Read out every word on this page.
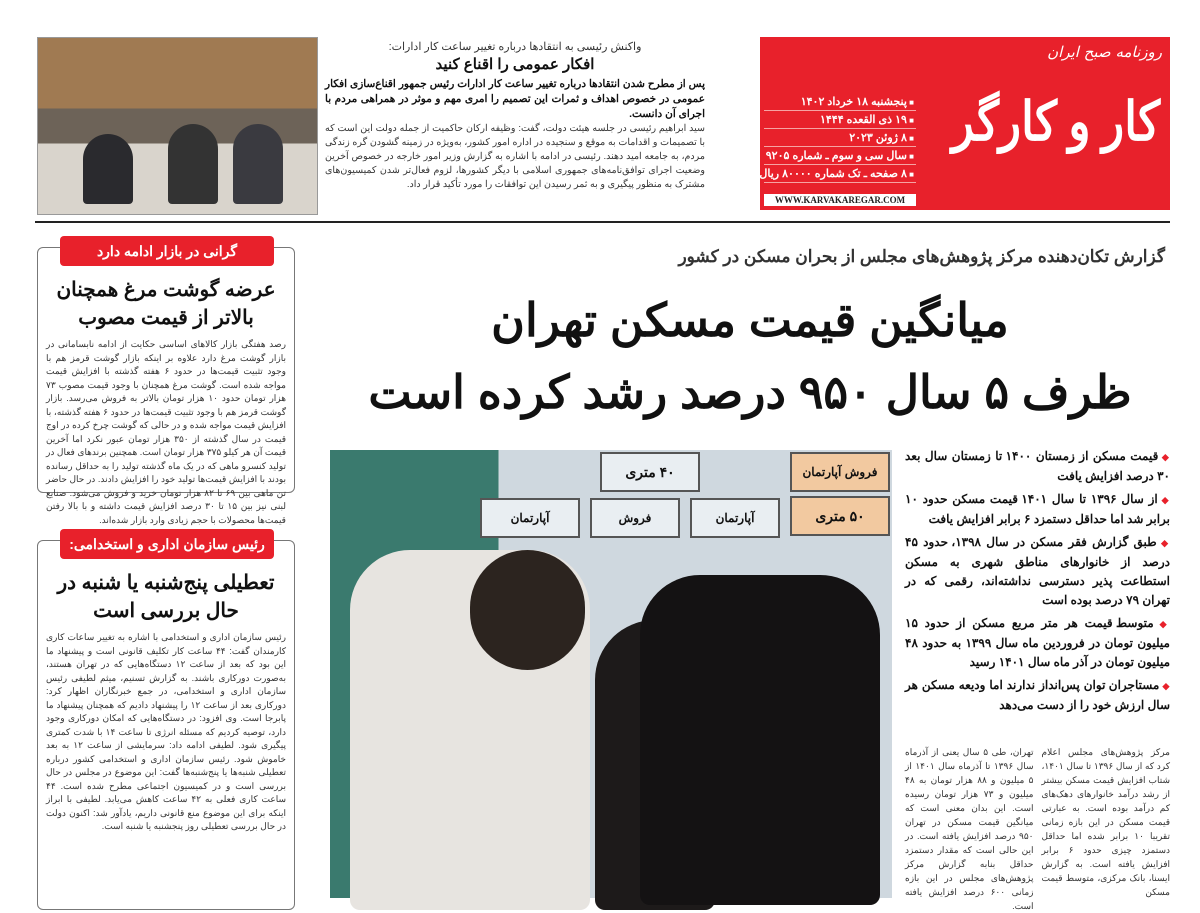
روزنامه صبح ایران
کار و کارگر
■ پنجشنبه ۱۸ خرداد ۱۴۰۲
■ ۱۹ ذی القعده ۱۴۴۴
■ ۸ ژوئن ۲۰۲۳
■ سال سی و سوم ـ شماره ۹۲۰۵
■ ۸ صفحه ـ تک شماره ۸۰۰۰۰ ریال
WWW.KARVAKAREGAR.COM
واکنش رئیسی به انتقادها درباره تغییر ساعت کار ادارات:
افکار عمومی را اقناع کنید
پس از مطرح شدن انتقادها درباره تغییر ساعت کار ادارات رئیس جمهور اقناع‌سازی افکار عمومی در خصوص اهداف و ثمرات این تصمیم را امری مهم و موثر در همراهی مردم با اجرای آن دانست.
سید ابراهیم رئیسی در جلسه هیئت دولت، گفت: وظیفه ارکان حاکمیت از جمله دولت این است که با تصمیمات و اقدامات به موقع و سنجیده در اداره امور کشور، به‌ویژه در زمینه گشودن گره زندگی مردم، به جامعه امید دهند. رئیسی در ادامه با اشاره به گزارش وزیر امور خارجه در خصوص آخرین وضعیت اجرای توافق‌نامه‌های جمهوری اسلامی با دیگر کشورها، لزوم فعال‌تر شدن کمیسیون‌های مشترک به منظور پیگیری و به ثمر رسیدن این توافقات را مورد تأکید قرار داد.
گرانی در بازار ادامه دارد
عرضه گوشت مرغ همچنان بالاتر از قیمت مصوب

رصد هفتگی بازار کالاهای اساسی حکایت از ادامه نابسامانی در بازار گوشت مرغ دارد علاوه بر اینکه بازار گوشت قرمز هم با وجود تثبیت قیمت‌ها در حدود ۶ هفته گذشته با افزایش قیمت مواجه شده است. گوشت مرغ همچنان با وجود قیمت مصوب ۷۳ هزار تومان حدود ۱۰ هزار تومان بالاتر به فروش می‌رسد. بازار گوشت قرمز هم با وجود تثبیت قیمت‌ها در حدود ۶ هفته گذشته، با افزایش قیمت مواجه شده و در حالی که گوشت چرخ کرده در اوج قیمت در سال گذشته از ۳۵۰ هزار تومان عبور نکرد اما آخرین قیمت آن هر کیلو ۳۷۵ هزار تومان است. همچنین برندهای فعال در تولید کنسرو ماهی که در یک ماه گذشته تولید را به حداقل رسانده بودند با افزایش قیمت‌ها تولید خود را افزایش دادند. در حال حاضر تن ماهی بین ۶۹ تا ۸۲ هزار تومان خرید و فروش می‌شود. صنایع لبنی نیز بین ۱۵ تا ۳۰ درصد افزایش قیمت داشته و با بالا رفتن قیمت‌ها محصولات با حجم زیادی وارد بازار شده‌اند.

رئیس سازمان اداری و استخدامی:
تعطیلی پنج‌شنبه یا شنبه در حال بررسی است

رئیس سازمان اداری و استخدامی با اشاره به تغییر ساعات کاری کارمندان گفت: ۴۴ ساعت کار تکلیف قانونی است و پیشنهاد ما این بود که بعد از ساعت ۱۲ دستگاه‌هایی که در تهران هستند، به‌صورت دورکاری باشند. به گزارش تسنیم، میثم لطیفی رئیس سازمان اداری و استخدامی، در جمع خبرنگاران اظهار کرد: دورکاری بعد از ساعت ۱۲ را پیشنهاد دادیم که همچنان پیشنهاد ما پابرجا است. وی افزود: در دستگاه‌هایی که امکان دورکاری وجود دارد، توصیه کردیم که مسئله انرژی تا ساعت ۱۴ با شدت کمتری پیگیری شود. لطیفی ادامه داد: سرمایشی از ساعت ۱۲ به بعد خاموش شود. رئیس سازمان اداری و استخدامی کشور درباره تعطیلی شنبه‌ها یا پنج‌شنبه‌ها گفت: این موضوع در مجلس در حال بررسی است و در کمیسیون اجتماعی مطرح شده است. ۴۴ ساعت کاری فعلی به ۴۲ ساعت کاهش می‌یابد. لطیفی با ابراز اینکه برای این موضوع منع قانونی داریم، یادآور شد: اکنون دولت در حال بررسی تعطیلی روز پنجشنبه یا شنبه است.

گزارش تکان‌دهنده مرکز پژوهش‌های مجلس از بحران مسکن در کشور
میانگین قیمت مسکن تهران
ظرف ۵ سال ۹۵۰ درصد رشد کرده است
۴۰ متری	فروش آپارتمان
۵۰ متری
آپارتمان	فروش	آپارتمان
◆ قیمت مسکن از زمستان ۱۴۰۰ تا زمستان سال بعد ۳۰ درصد افزایش یافت
◆ از سال ۱۳۹۶ تا سال ۱۴۰۱ قیمت مسکن حدود ۱۰ برابر شد اما حداقل دستمزد ۶ برابر افزایش یافت
◆ طبق گزارش فقر مسکن در سال ۱۳۹۸، حدود ۴۵ درصد از خانوارهای مناطق شهری به مسکن استطاعت پذیر دسترسی نداشته‌اند، رقمی که در تهران ۷۹ درصد بوده است
◆ متوسط قیمت هر متر مربع مسکن از حدود ۱۵ میلیون تومان در فروردین ماه سال ۱۳۹۹ به حدود ۴۸ میلیون تومان در آذر ماه سال ۱۴۰۱ رسید
◆ مستاجران توان پس‌انداز ندارند اما ودیعه مسکن هر سال ارزش خود را از دست می‌دهد

مرکز پژوهش‌های مجلس اعلام کرد که از سال ۱۳۹۶ تا سال ۱۴۰۱، شتاب افزایش قیمت مسکن بیشتر از رشد درآمد خانوارهای دهک‌های کم درآمد بوده است. به عبارتی قیمت مسکن در این بازه زمانی تقریبا ۱۰ برابر شده اما حداقل دستمزد چیزی حدود ۶ برابر افزایش یافته است. به گزارش ایسنا، بانک مرکزی، متوسط قیمت مسکن

تهران، طی ۵ سال یعنی از آذرماه سال ۱۳۹۶ تا آذرماه سال ۱۴۰۱ از ۵ میلیون و ۸۸ هزار تومان به ۴۸ میلیون و ۷۳ هزار تومان رسیده است. این بدان معنی است که میانگین قیمت مسکن در تهران ۹۵۰ درصد افزایش یافته است. در این حالی است که مقدار دستمزد حداقل بنابه گزارش مرکز پژوهش‌های مجلس در این بازه زمانی ۶۰۰ درصد افزایش یافته است.
